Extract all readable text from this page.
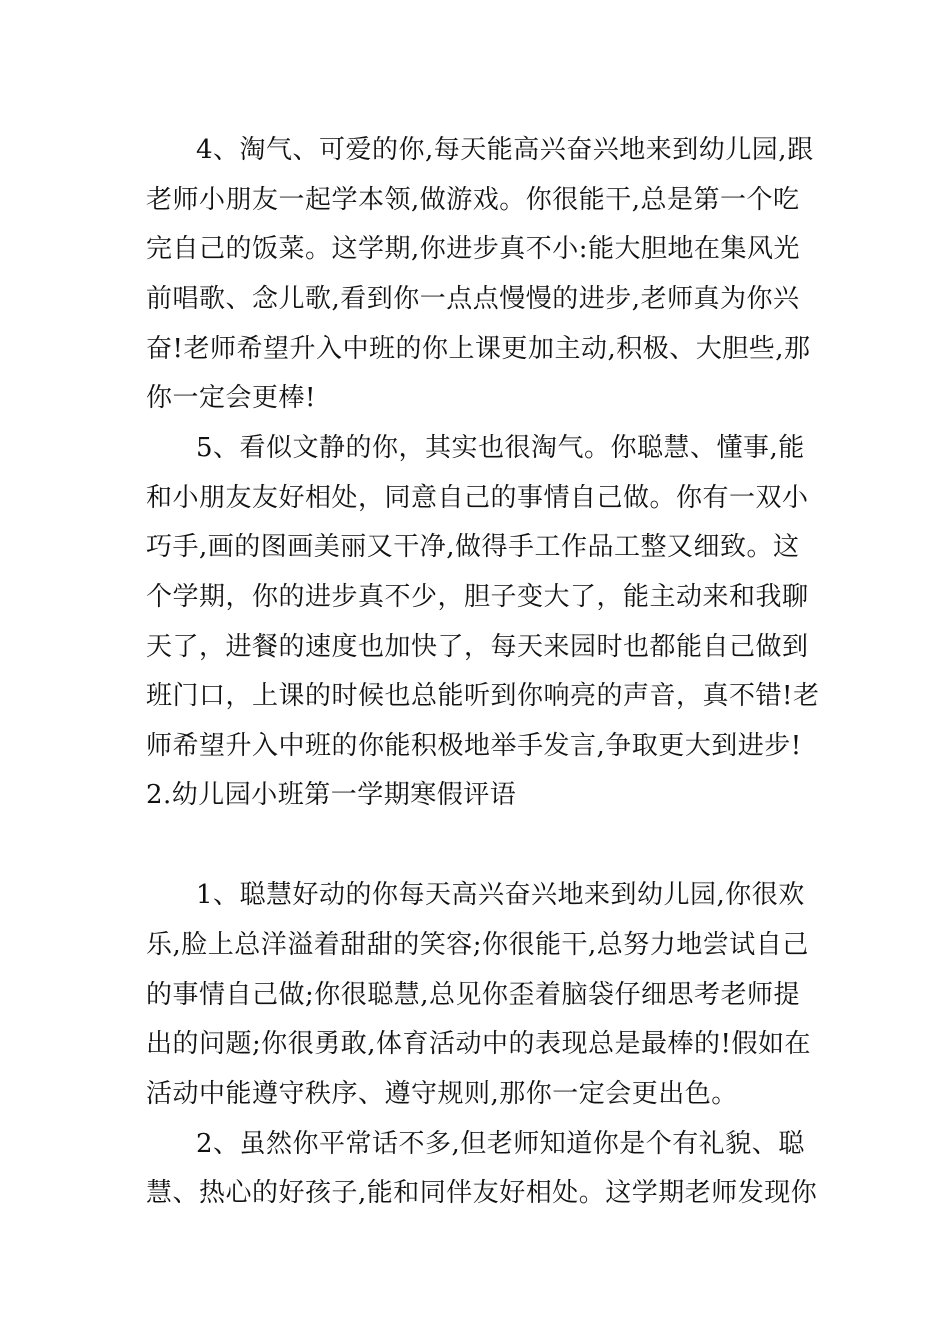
4、淘气、可爱的你,每天能高兴奋兴地来到幼儿园,跟
老师小朋友一起学本领,做游戏。你很能干,总是第一个吃
完自己的饭菜。这学期,你进步真不小:能大胆地在集风光
前唱歌、念儿歌,看到你一点点慢慢的进步,老师真为你兴
奋!老师希望升入中班的你上课更加主动,积极、大胆些,那
你一定会更棒!
5、看似文静的你，其实也很淘气。你聪慧、懂事,能
和小朋友友好相处，同意自己的事情自己做。你有一双小
巧手,画的图画美丽又干净,做得手工作品工整又细致。这
个学期，你的进步真不少，胆子变大了，能主动来和我聊
天了，进餐的速度也加快了，每天来园时也都能自己做到
班门口，上课的时候也总能听到你响亮的声音，真不错!老
师希望升入中班的你能积极地举手发言,争取更大到进步!
2.幼儿园小班第一学期寒假评语
1、聪慧好动的你每天高兴奋兴地来到幼儿园,你很欢
乐,脸上总洋溢着甜甜的笑容;你很能干,总努力地尝试自己
的事情自己做;你很聪慧,总见你歪着脑袋仔细思考老师提
出的问题;你很勇敢,体育活动中的表现总是最棒的!假如在
活动中能遵守秩序、遵守规则,那你一定会更出色。
2、虽然你平常话不多,但老师知道你是个有礼貌、聪
慧、热心的好孩子,能和同伴友好相处。这学期老师发现你
